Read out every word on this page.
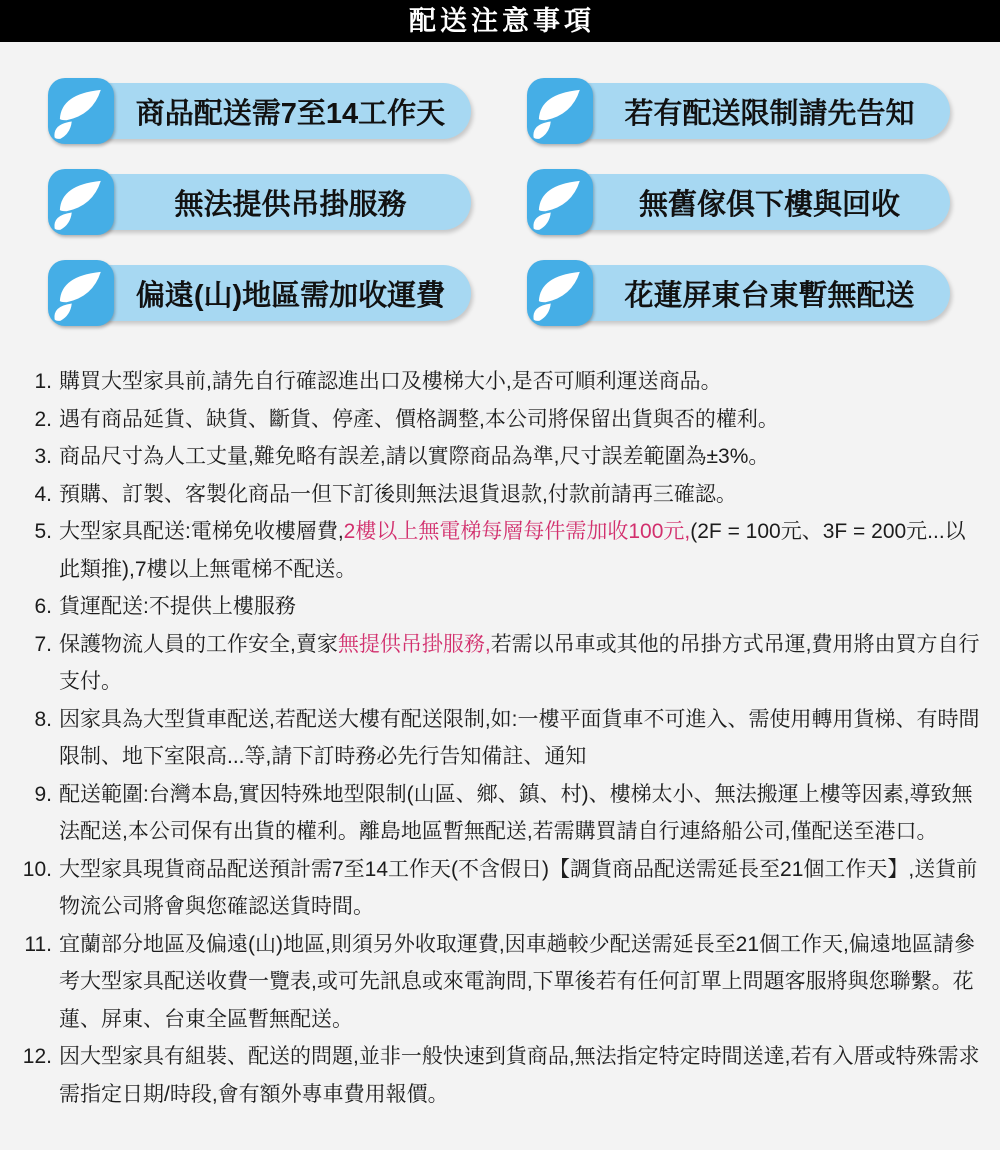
配送注意事項
商品配送需7至14工作天	若有配送限制請先告知
無法提供吊掛服務	無舊傢俱下樓與回收
偏遠(山)地區需加收運費	花蓮屏東台東暫無配送
1. 購買大型家具前,請先自行確認進出口及樓梯大小,是否可順利運送商品。
2. 遇有商品延貨、缺貨、斷貨、停產、價格調整,本公司將保留出貨與否的權利。
3. 商品尺寸為人工丈量,難免略有誤差,請以實際商品為準,尺寸誤差範圍為±3%。
4. 預購、訂製、客製化商品一但下訂後則無法退貨退款,付款前請再三確認。
5. 大型家具配送:電梯免收樓層費,2樓以上無電梯每層每件需加收100元,(2F = 100元、3F = 200元...以此類推),7樓以上無電梯不配送。
6. 貨運配送:不提供上樓服務
7. 保護物流人員的工作安全,賣家無提供吊掛服務,若需以吊車或其他的吊掛方式吊運,費用將由買方自行支付。
8. 因家具為大型貨車配送,若配送大樓有配送限制,如:一樓平面貨車不可進入、需使用轉用貨梯、有時間限制、地下室限高...等,請下訂時務必先行告知備註、通知
9. 配送範圍:台灣本島,實因特殊地型限制(山區、鄉、鎮、村)、樓梯太小、無法搬運上樓等因素,導致無法配送,本公司保有出貨的權利。離島地區暫無配送,若需購買請自行連絡船公司,僅配送至港口。
10. 大型家具現貨商品配送預計需7至14工作天(不含假日)【調貨商品配送需延長至21個工作天】,送貨前物流公司將會與您確認送貨時間。
11. 宜蘭部分地區及偏遠(山)地區,則須另外收取運費,因車趟較少配送需延長至21個工作天,偏遠地區請參考大型家具配送收費一覽表,或可先訊息或來電詢問,下單後若有任何訂單上問題客服將與您聯繫。花蓮、屏東、台東全區暫無配送。
12. 因大型家具有組裝、配送的問題,並非一般快速到貨商品,無法指定特定時間送達,若有入厝或特殊需求需指定日期/時段,會有額外專車費用報價。
